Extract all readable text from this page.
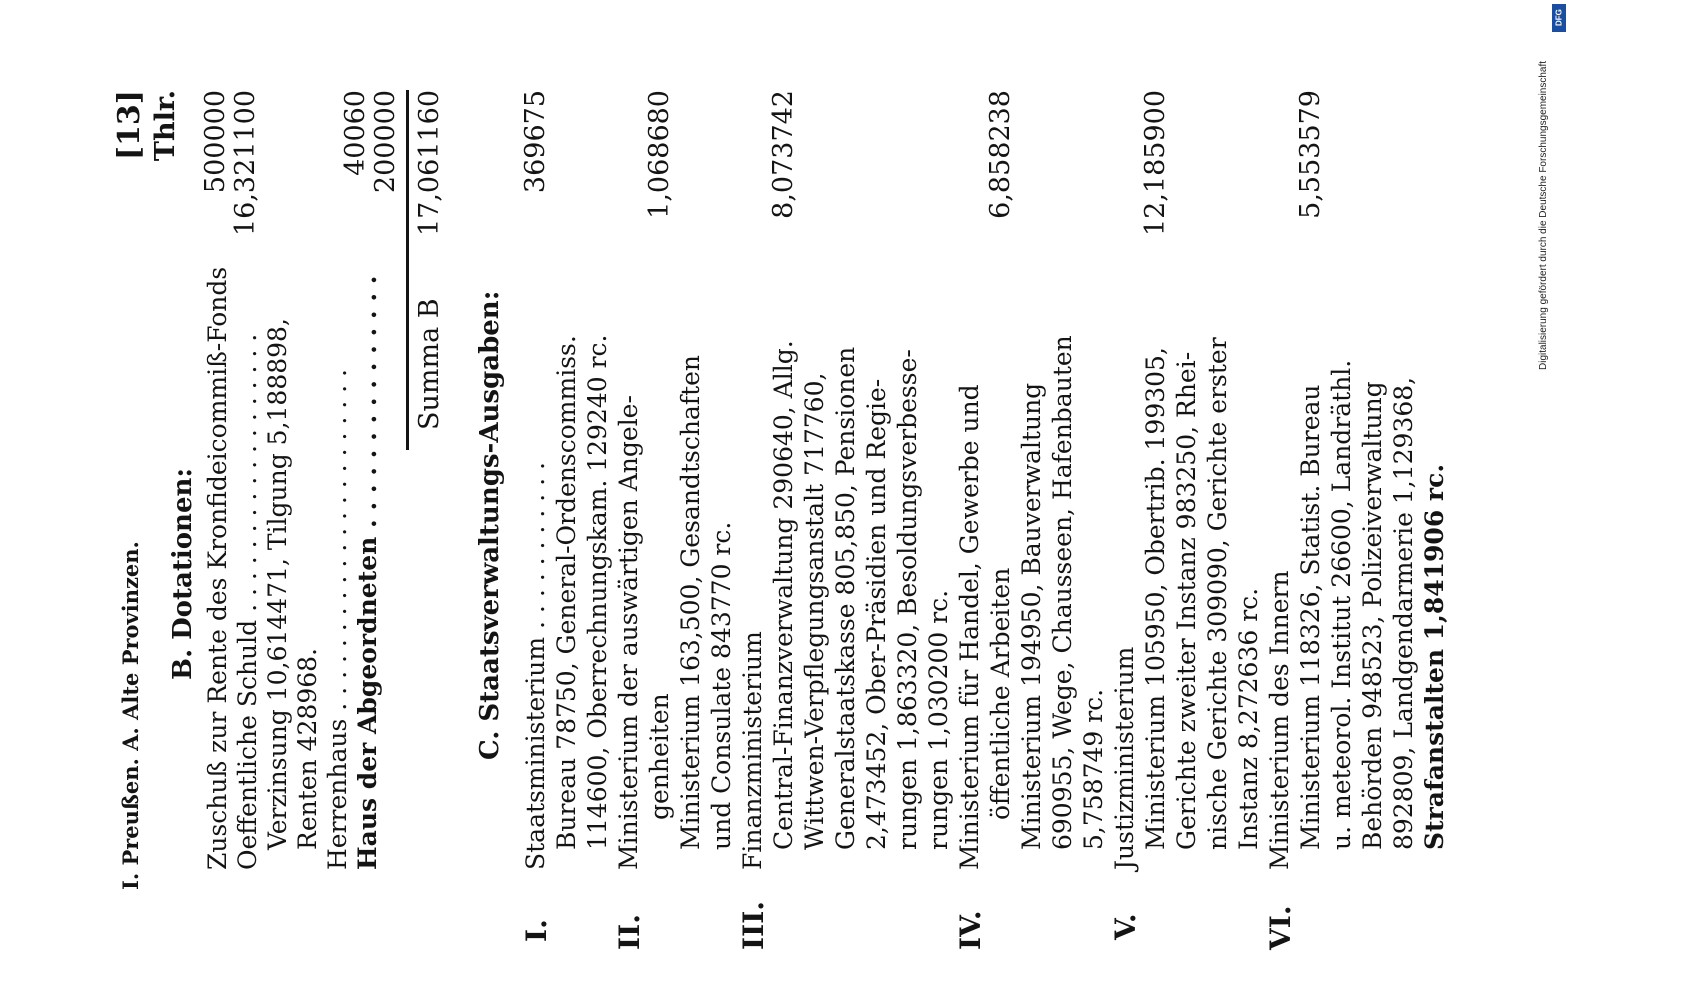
I. Preußen. A. Alte Provinzen.
[13]
B. Dotationen:
Thlr.
Zuschuß zur Rente des Kronfideicommiß-Fonds
500000
Oeffentliche Schuld . . . . . . . . . . . . . . . . . .
16,321100
Verzinsung 10,614471, Tilgung 5,188898, Renten 428968. Herrenhaus . . . . . . . . . . . . . . . . . . . . . .
40060
Haus der Abgeordneten . . . . . . . . . . . . . . .
200000
Summa B
17,061160
C. Staatsverwaltungs-Ausgaben:
I.
Staatsministerium . . . . . . . . . . . Bureau 78750, General-Ordenscommiss. 114600, Oberrechnungskam. 129240 rc.
369675
II.
Ministerium der auswärtigen Angele- genheiten Ministerium 163,500, Gesandtschaften und Consulate 843770 rc.
1,068680
III.
Finanzministerium Central-Finanzverwaltung 290640, Allg. Wittwen-Verpflegungsanstalt 717760, Generalstaatskasse 805,850, Pensionen 2,473452, Ober-Präsidien und Regie- rungen 1,863320, Besoldungsverbesse- rungen 1,030200 rc.
8,073742
IV.
Ministerium für Handel, Gewerbe und öffentliche Arbeiten Ministerium 194950, Bauverwaltung 690955, Wege, Chausseen, Hafenbauten 5,758749 rc.
6,858238
V.
Justizministerium Ministerium 105950, Obertrib. 199305, Gerichte zweiter Instanz 983250, Rhei- nische Gerichte 309090, Gerichte erster Instanz 8,272636 rc.
12,185900
VI.
Ministerium des Innern Ministerium 118326, Statist. Bureau u. meteorol. Institut 26600, Landräthl. Behörden 948523, Polizeiverwaltung 892809, Landgendarmerie 1,129368, Strafanstalten 1,841906 rc.
5,553579	Digitalisierung gefördert durch die Deutsche Forschungsgemeinschaft
DFG
